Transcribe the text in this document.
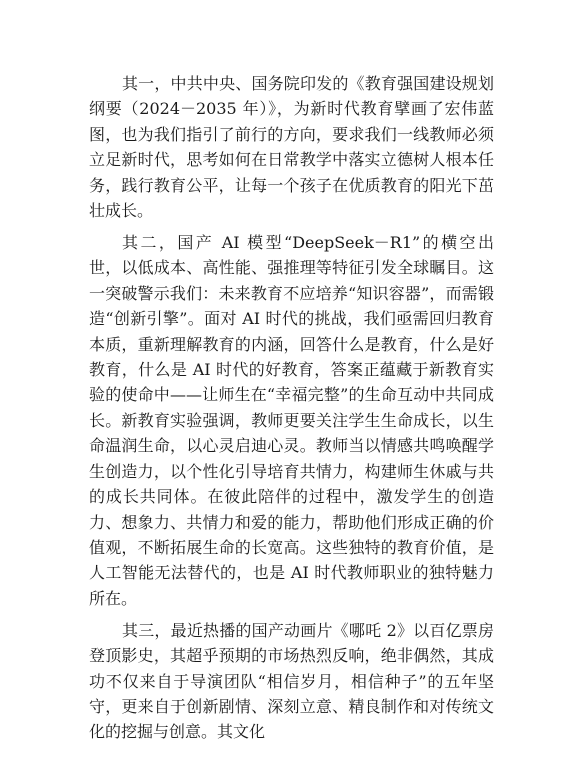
其一，中共中央、国务院印发的《教育强国建设规划纲要（2024－2035 年）》，为新时代教育擘画了宏伟蓝图，也为我们指引了前行的方向，要求我们一线教师必须立足新时代，思考如何在日常教学中落实立德树人根本任务，践行教育公平，让每一个孩子在优质教育的阳光下茁壮成长。

其二，国产 AI 模型“DeepSeek－R1”的横空出世，以低成本、高性能、强推理等特征引发全球瞩目。这一突破警示我们：未来教育不应培养“知识容器”，而需锻造“创新引擎”。面对 AI 时代的挑战，我们亟需回归教育本质，重新理解教育的内涵，回答什么是教育，什么是好教育，什么是 AI 时代的好教育，答案正蕴藏于新教育实验的使命中——让师生在“幸福完整”的生命互动中共同成长。新教育实验强调，教师更要关注学生生命成长，以生命温润生命，以心灵启迪心灵。教师当以情感共鸣唤醒学生创造力，以个性化引导培育共情力，构建师生休戚与共的成长共同体。在彼此陪伴的过程中，激发学生的创造力、想象力、共情力和爱的能力，帮助他们形成正确的价值观，不断拓展生命的长宽高。这些独特的教育价值，是人工智能无法替代的，也是 AI 时代教师职业的独特魅力所在。

其三，最近热播的国产动画片《哪吒 2》以百亿票房登顶影史，其超乎预期的市场热烈反响，绝非偶然，其成功不仅来自于导演团队“相信岁月，相信种子”的五年坚守，更来自于创新剧情、深刻立意、精良制作和对传统文化的挖掘与创意。其文化
